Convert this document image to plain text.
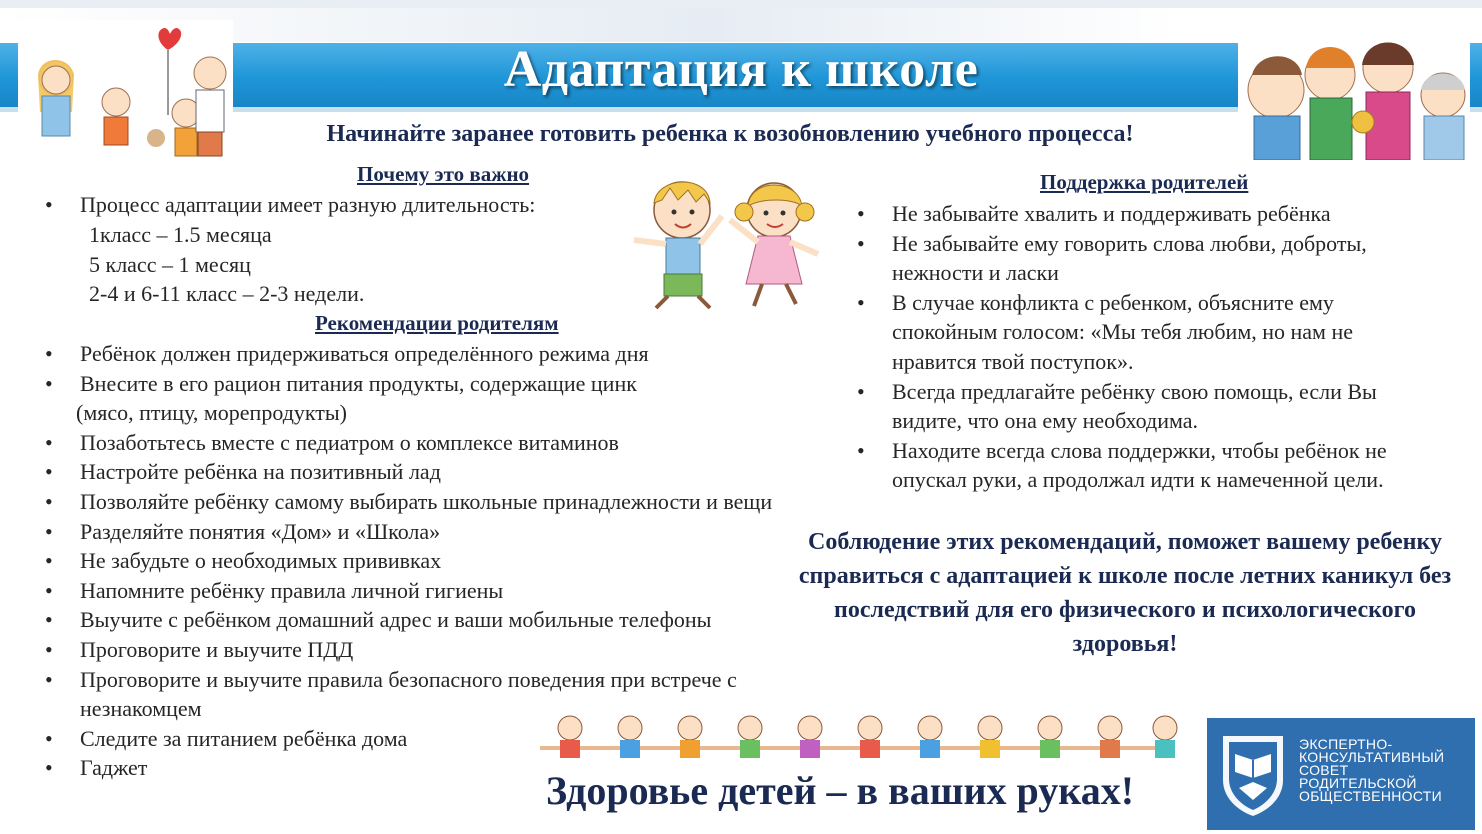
Адаптация к школе
Начинайте заранее готовить ребенка к возобновлению учебного процесса!
Почему это важно
• Процесс адаптации имеет разную длительность:
1класс – 1.5 месяца
5 класс – 1 месяц
2-4 и 6-11 класс – 2-3 недели.
Рекомендации родителям
• Ребёнок должен придерживаться определённого режима дня
• Внесите в его рацион питания продукты, содержащие цинк
(мясо, птицу, морепродукты)
• Позаботьтесь вместе с педиатром о комплексе витаминов
• Настройте ребёнка на позитивный лад
• Позволяйте ребёнку самому выбирать школьные принадлежности и вещи
• Разделяйте понятия «Дом» и «Школа»
• Не забудьте о необходимых прививках
• Напомните ребёнку правила личной гигиены
• Выучите с ребёнком домашний адрес и ваши мобильные телефоны
• Проговорите и выучите ПДД
• Проговорите и выучите правила безопасного поведения при встрече с незнакомцем
• Следите за питанием ребёнка дома
• Гаджет
Поддержка родителей
• Не забывайте хвалить и поддерживать ребёнка
• Не забывайте ему говорить слова любви, доброты, нежности и ласки
• В случае конфликта с ребенком, объясните ему спокойным голосом: «Мы тебя любим, но нам не нравится твой поступок».
• Всегда предлагайте ребёнку свою помощь, если Вы видите, что она ему необходима.
• Находите всегда слова поддержки, чтобы ребёнок не опускал руки, а продолжал идти к намеченной цели.
Соблюдение этих рекомендаций, поможет вашему ребенку справиться с адаптацией к школе после летних каникул без последствий для его физического и психологического здоровья!
Здоровье детей – в ваших руках!
ЭКСПЕРТНО-
КОНСУЛЬТАТИВНЫЙ
СОВЕТ
РОДИТЕЛЬСКОЙ
ОБЩЕСТВЕННОСТИ
